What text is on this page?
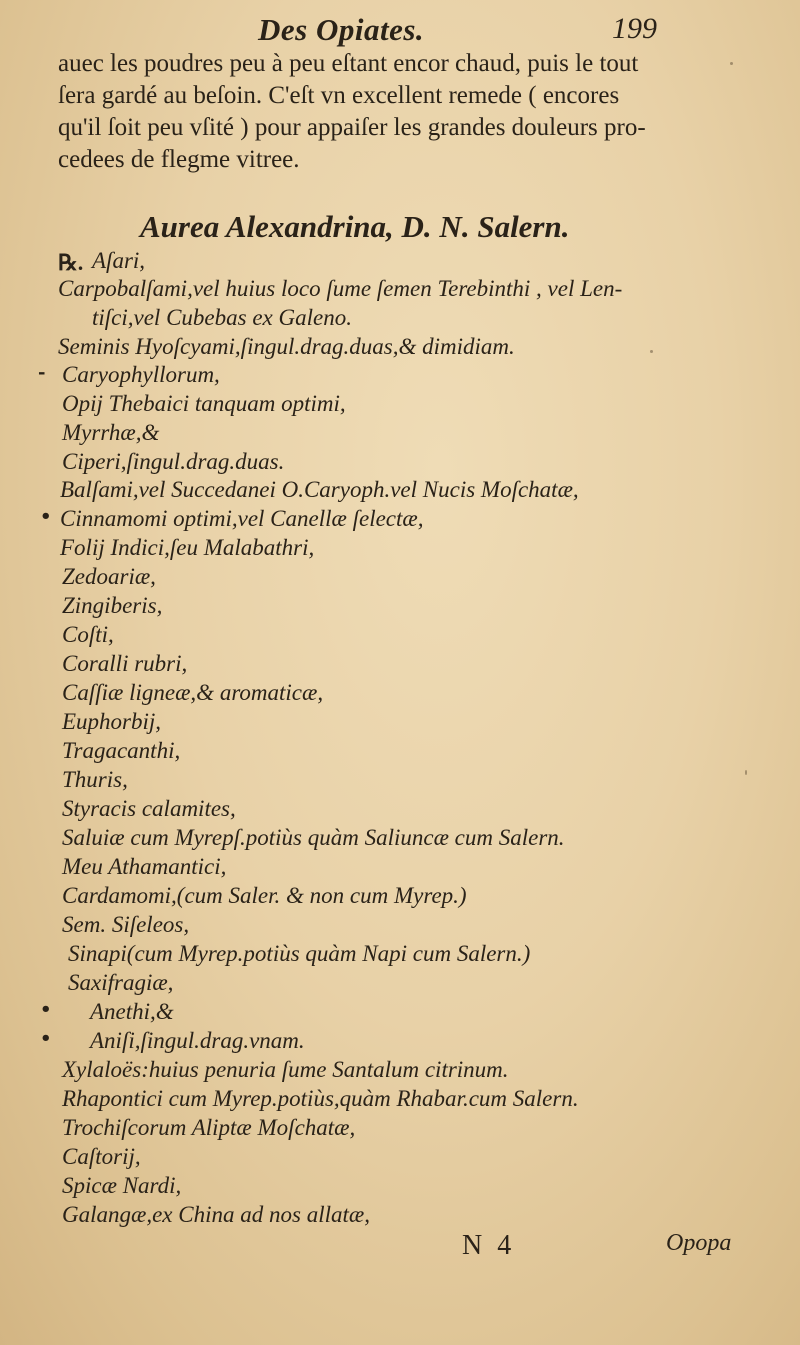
Des Opiates.	199
auec les poudres peu à peu eſtant encor chaud, puis le tout
ſera gardé au beſoin. C'eſt vn excellent remede ( encores
qu'il ſoit peu vſité ) pour appaiſer les grandes douleurs pro-
cedees de flegme vitree.
Aurea Alexandrina, D. N. Salern.
℞. Aſari,
Carpobalſami,vel huius loco ſume ſemen Terebinthi , vel Len-
tiſci,vel Cubebas ex Galeno.
Seminis Hyoſcyami,ſingul.drag.duas,& dimidiam.
- Caryophyllorum,
Opij Thebaici tanquam optimi,
Myrrhæ,&
Ciperi,ſingul.drag.duas.
Balſami,vel Succedanei O.Caryoph.vel Nucis Moſchatæ,
• Cinnamomi optimi,vel Canellæ ſelectæ,
Folij Indici,ſeu Malabathri,
Zedoariæ,
Zingiberis,
Coſti,
Coralli rubri,
Caſſiæ ligneæ,& aromaticæ,
Euphorbij,
Tragacanthi,
Thuris,
Styracis calamites,
Saluiæ cum Myrepſ.potiùs quàm Saliuncæ cum Salern.
Meu Athamantici,
Cardamomi,(cum Saler. & non cum Myrep.)
Sem. Siſeleos,
Sinapi(cum Myrep.potiùs quàm Napi cum Salern.)
Saxifragiæ,
• Anethi,&
• Aniſi,ſingul.drag.vnam.
Xylaloës:huius penuria ſume Santalum citrinum.
Rhapontici cum Myrep.potiùs,quàm Rhabar.cum Salern.
Trochiſcorum Aliptæ Moſchatæ,
Caſtorij,
Spicæ Nardi,
Galangæ,ex China ad nos allatæ,
N 4	Opopa
